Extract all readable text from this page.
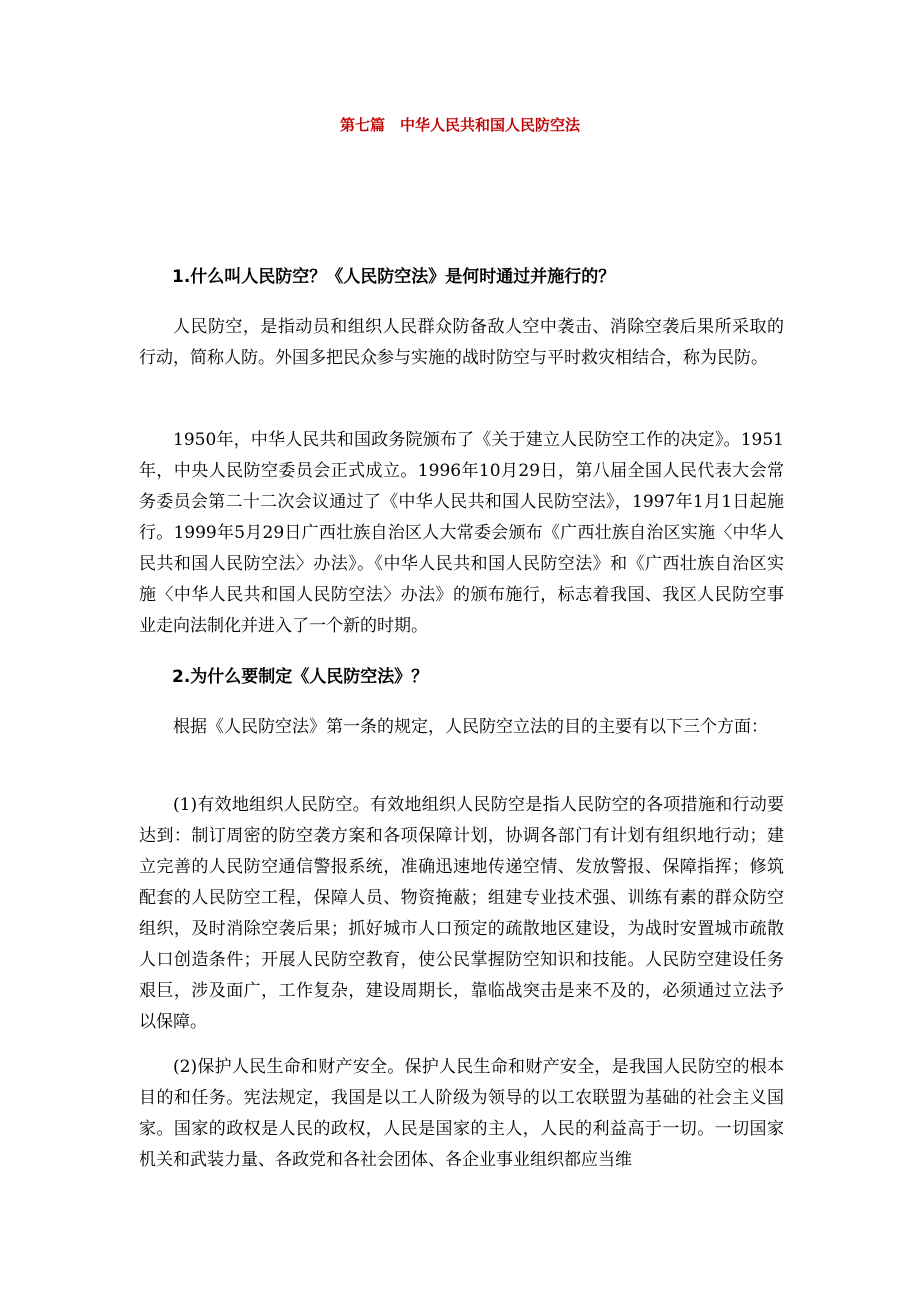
第七篇　中华人民共和国人民防空法
1.什么叫人民防空？《人民防空法》是何时通过并施行的？

人民防空，是指动员和组织人民群众防备敌人空中袭击、消除空袭后果所采取的行动，简称人防。外国多把民众参与实施的战时防空与平时救灾相结合，称为民防。

1950年，中华人民共和国政务院颁布了《关于建立人民防空工作的决定》。1951年，中央人民防空委员会正式成立。1996年10月29日，第八届全国人民代表大会常务委员会第二十二次会议通过了《中华人民共和国人民防空法》，1997年1月1日起施行。1999年5月29日广西壮族自治区人大常委会颁布《广西壮族自治区实施〈中华人民共和国人民防空法〉办法》。《中华人民共和国人民防空法》和《广西壮族自治区实施〈中华人民共和国人民防空法〉办法》的颁布施行，标志着我国、我区人民防空事业走向法制化并进入了一个新的时期。

2.为什么要制定《人民防空法》？

根据《人民防空法》第一条的规定，人民防空立法的目的主要有以下三个方面：

(1)有效地组织人民防空。有效地组织人民防空是指人民防空的各项措施和行动要达到：制订周密的防空袭方案和各项保障计划，协调各部门有计划有组织地行动；建立完善的人民防空通信警报系统，准确迅速地传递空情、发放警报、保障指挥；修筑配套的人民防空工程，保障人员、物资掩蔽；组建专业技术强、训练有素的群众防空组织，及时消除空袭后果；抓好城市人口预定的疏散地区建设，为战时安置城市疏散人口创造条件；开展人民防空教育，使公民掌握防空知识和技能。人民防空建设任务艰巨，涉及面广，工作复杂，建设周期长，靠临战突击是来不及的，必须通过立法予以保障。

(2)保护人民生命和财产安全。保护人民生命和财产安全，是我国人民防空的根本目的和任务。宪法规定，我国是以工人阶级为领导的以工农联盟为基础的社会主义国家。国家的政权是人民的政权，人民是国家的主人，人民的利益高于一切。一切国家机关和武装力量、各政党和各社会团体、各企业事业组织都应当维
